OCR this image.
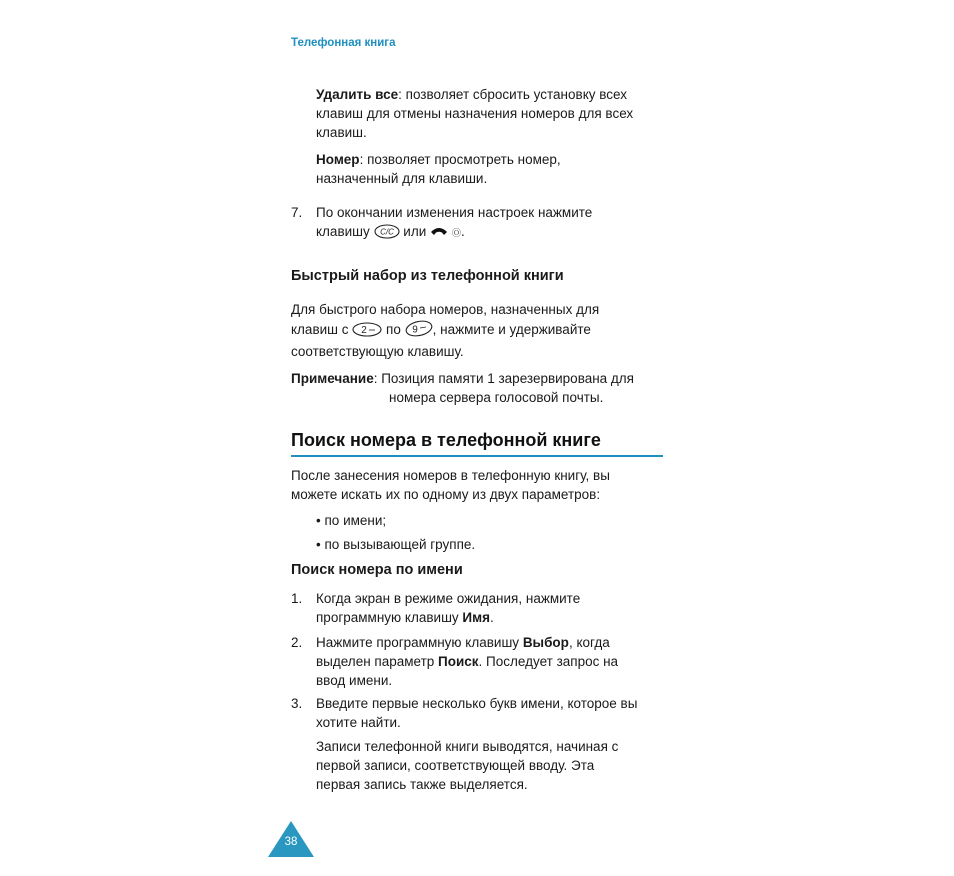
Телефонная книга
Удалить все: позволяет сбросить установку всех
клавиш для отмены назначения номеров для всех
клавиш.
Номер: позволяет просмотреть номер,
назначенный для клавиши.
7.	По окончании изменения настроек нажмите
клавишу C/C или	Ⓞ.
Быстрый набор из телефонной книги
Для быстрого набора номеров, назначенных для
клавиш с 2 по 9 , нажмите и удерживайте
соответствующую клавишу.
Примечание: Позиция памяти 1 зарезервирована для
номера сервера голосовой почты.
Поиск номера в телефонной книге
После занесения номеров в телефонную книгу, вы
можете искать их по одному из двух параметров:
• по имени;
• по вызывающей группе.
Поиск номера по имени
1.	Когда экран в режиме ожидания, нажмите
программную клавишу Имя.
2.	Нажмите программную клавишу Выбор, когда
выделен параметр Поиск. Последует запрос на
ввод имени.
3.	Введите первые несколько букв имени, которое вы
хотите найти.
Записи телефонной книги выводятся, начиная с
первой записи, соответствующей вводу. Эта
первая запись также выделяется.
38
